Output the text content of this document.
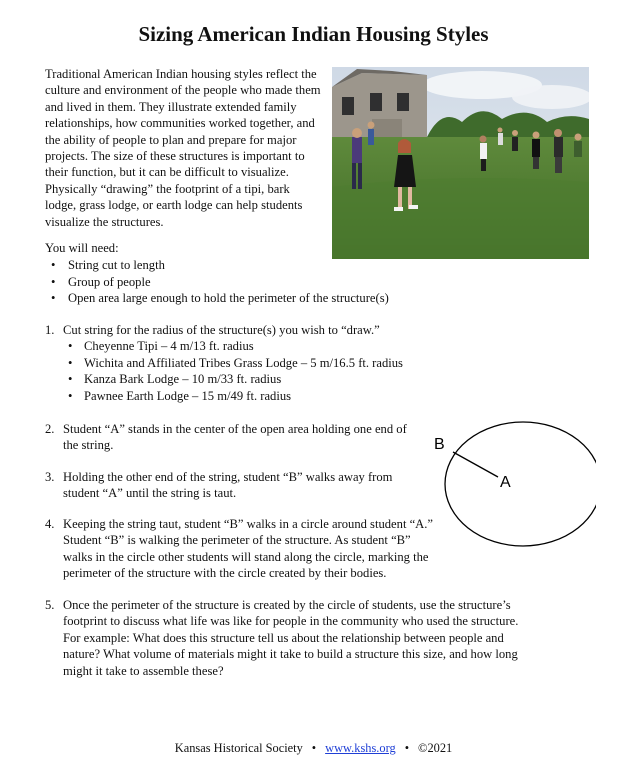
Sizing American Indian Housing Styles

Traditional American Indian housing styles reflect the culture and environment of the people who made them and lived in them. They illustrate extended family relationships, how communities worked together, and the ability of people to plan and prepare for major projects. The size of these structures is important to their function, but it can be difficult to visualize. Physically “drawing” the footprint of a tipi, bark lodge, grass lodge, or earth lodge can help students visualize the structures.

You will need:

• String cut to length
• Group of people
• Open area large enough to hold the perimeter of the structure(s)
1. Cut string for the radius of the structure(s) you wish to “draw.”

• Cheyenne Tipi – 4 m/13 ft. radius
• Wichita and Affiliated Tribes Grass Lodge – 5 m/16.5 ft. radius
• Kanza Bark Lodge – 10 m/33 ft. radius
• Pawnee Earth Lodge – 15 m/49 ft. radius
2. Student “A” stands in the center of the open area holding one end of the string.

3. Holding the other end of the string, student “B” walks away from student “A” until the string is taut.

4. Keeping the string taut, student “B” walks in a circle around student “A.” Student “B” is walking the perimeter of the structure. As student “B” walks in the circle other students will stand along the circle, marking the perimeter of the structure with the circle created by their bodies.

5. Once the perimeter of the structure is created by the circle of students, use the structure’s footprint to discuss what life was like for people in the community who used the structure. For example: What does this structure tell us about the relationship between people and nature? What volume of materials might it take to build a structure this size, and how long might it take to assemble these?

B
A
Kansas Historical Society • www.kshs.org • ©2021
